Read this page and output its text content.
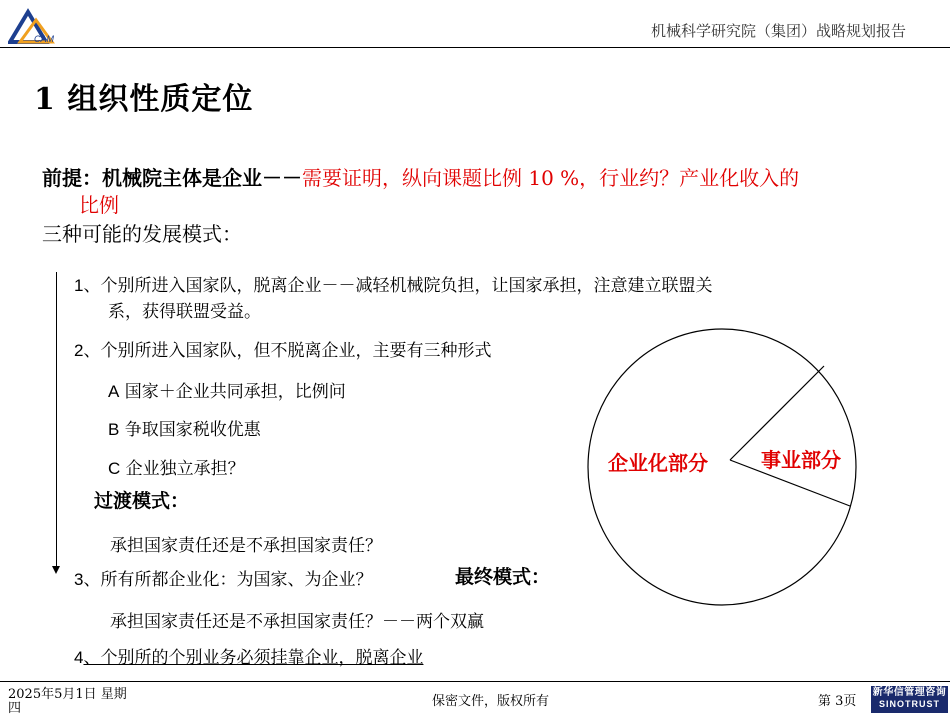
CAM	机械科学研究院（集团）战略规划报告
1 组织性质定位
前提：机械院主体是企业－－需要证明，纵向课题比例 10 %，行业约？产业化收入的
比例
三种可能的发展模式：
1、个别所进入国家队，脱离企业－－减轻机械院负担，让国家承担，注意建立联盟关
系，获得联盟受益。
2、个别所进入国家队，但不脱离企业，主要有三种形式
A 国家＋企业共同承担，比例问
B 争取国家税收优惠
C 企业独立承担？
过渡模式：
承担国家责任还是不承担国家责任？
3、所有所都企业化：为国家、为企业？	最终模式：
承担国家责任还是不承担国家责任？－－两个双赢
4、个别所的个别业务必须挂靠企业，脱离企业
企业化部分	事业部分
2025年5月1日 星期
四	保密文件，版权所有	第 3页
新华信管理咨询
SINOTRUST
